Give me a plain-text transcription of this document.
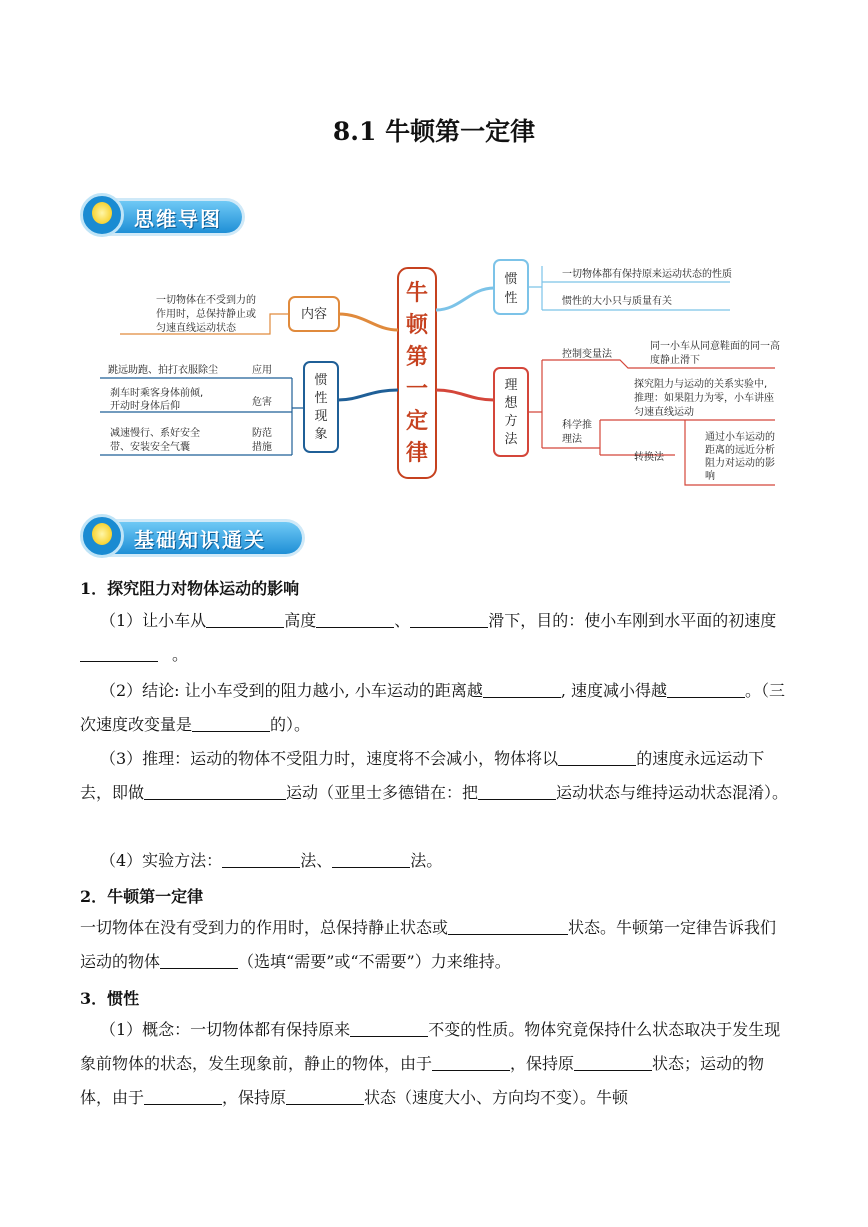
8.1 牛顿第一定律
思维导图
牛
顿
第
一
定
律
内容
一切物体在不受到力的
作用时，总保持静止或
匀速直线运动状态
惯
性
现
象
跳远助跑、拍打衣服除尘	应用
刹车时乘客身体前倾,
开动时身体后仰	危害
减速慢行、系好安全
带、安装安全气囊
防范
措施
惯
性
一切物体都有保持原来运动状态的性质
惯性的大小只与质量有关
理
想
方
法
控制变量法
同一小车从同意鞋面的同一高
度静止滑下
科学推
理法
探究阻力与运动的关系实验中,
推理：如果阻力为零，小车讲座
匀速直线运动
转换法
通过小车运动的
距离的远近分析
阻力对运动的影
响
基础知识通关
1．探究阻力对物体运动的影响
（1）让小车从	高度	、	滑下，目的：使小车刚到水平面的初速度。
（2）结论: 让小车受到的阻力越小, 小车运动的距离越	, 速度减小得越	。（三次速度改变量是	的）。
（3）推理：运动的物体不受阻力时，速度将不会减小，物体将以	的速度永远运动下去，即做	运动（亚里士多德错在：把	运动状态与维持运动状态混淆）。
（4）实验方法：	法、	法。
2．牛顿第一定律
一切物体在没有受到力的作用时，总保持静止状态或	状态。牛顿第一定律告诉我们运动的物体	（选填“需要”或“不需要”）力来维持。
3．惯性
（1）概念：一切物体都有保持原来	不变的性质。物体究竟保持什么状态取决于发生现象前物体的状态，发生现象前，静止的物体，由于	，保持原	状态；运动的物体，由于	，保持原	状态（速度大小、方向均不变）。牛顿
